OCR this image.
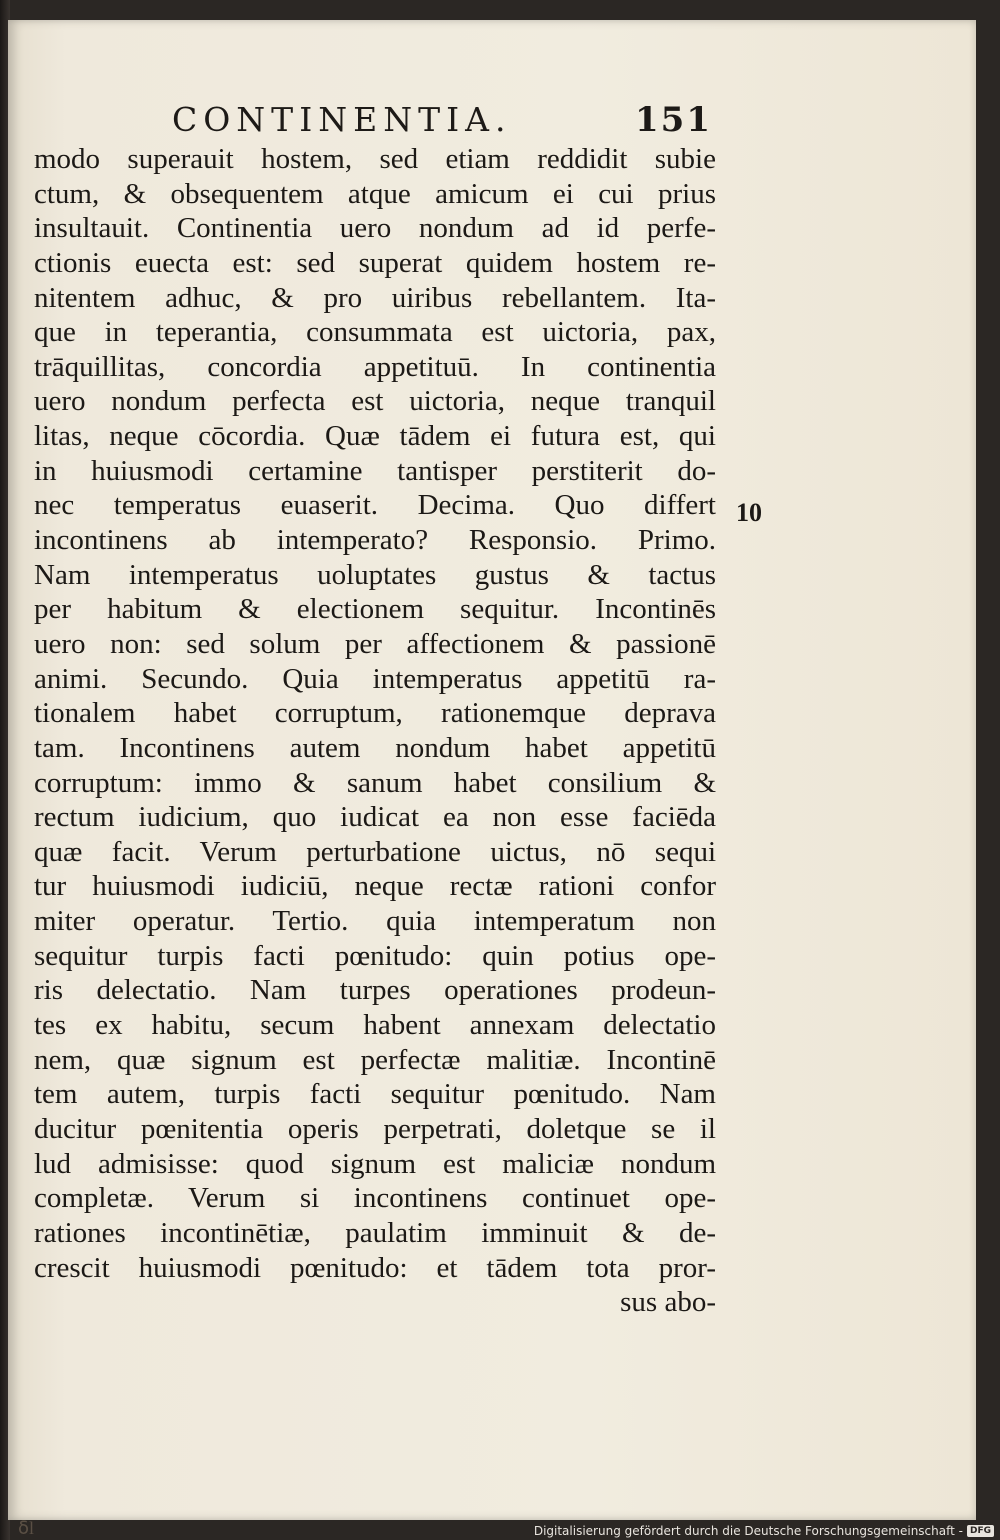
CONTINENTIA.	151
modo superauit hostem, sed etiam reddidit subie
ctum, & obsequentem atque amicum ei cui prius
insultauit. Continentia uero nondum ad id perfe-
ctionis euecta est: sed superat quidem hostem re-
nitentem adhuc, & pro uiribus rebellantem. Ita-
que in teperantia, consummata est uictoria, pax,
trāquillitas, concordia appetituū. In continentia
uero nondum perfecta est uictoria, neque tranquil
litas, neque cōcordia. Quæ tādem ei futura est, qui
in huiusmodi certamine tantisper perstiterit do-
nec temperatus euaserit. Decima. Quo differt
incontinens ab intemperato? Responsio. Primo.
Nam intemperatus uoluptates gustus & tactus
per habitum & electionem sequitur. Incontinēs
uero non: sed solum per affectionem & passionē
animi. Secundo. Quia intemperatus appetitū ra-
tionalem habet corruptum, rationemque deprava
tam. Incontinens autem nondum habet appetitū
corruptum: immo & sanum habet consilium &
rectum iudicium, quo iudicat ea non esse faciēda
quæ facit. Verum perturbatione uictus, nō sequi
tur huiusmodi iudiciū, neque rectæ rationi confor
miter operatur. Tertio. quia intemperatum non
sequitur turpis facti pœnitudo: quin potius ope-
ris delectatio. Nam turpes operationes prodeun-
tes ex habitu, secum habent annexam delectatio
nem, quæ signum est perfectæ malitiæ. Incontinē
tem autem, turpis facti sequitur pœnitudo. Nam
ducitur pœnitentia operis perpetrati, doletque se il
lud admisisse: quod signum est maliciæ nondum
completæ. Verum si incontinens continuet ope-
rationes incontinētiæ, paulatim imminuit & de-
crescit huiusmodi pœnitudo: et tādem tota pror-
sus abo-
10
ẟl	Digitalisierung gefördert durch die Deutsche Forschungsgemeinschaft - DFG
